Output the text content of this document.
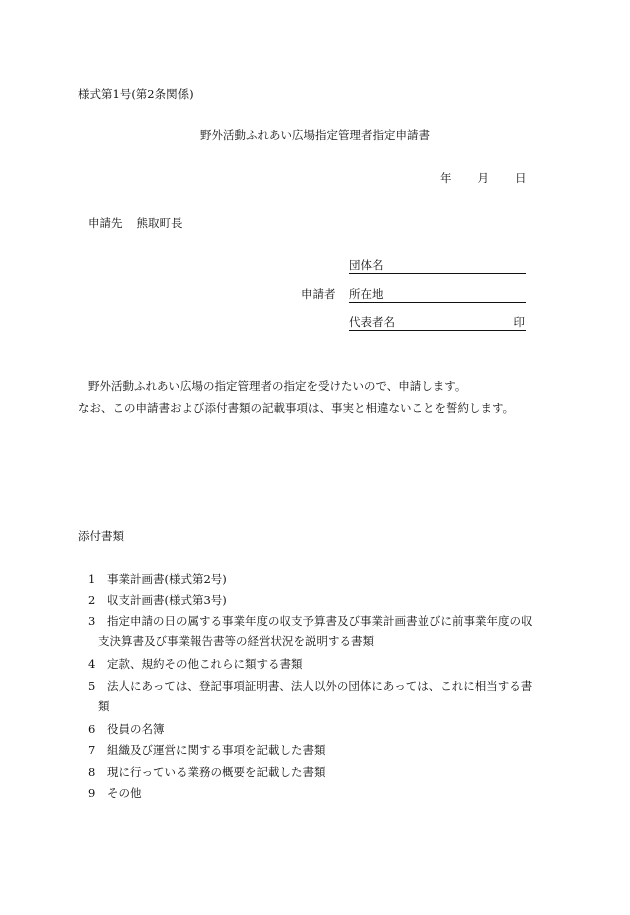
様式第1号(第2条関係)
野外活動ふれあい広場指定管理者指定申請書
年 月 日
申請先 熊取町長
申請者
団体名
所在地
代表者名	印
野外活動ふれあい広場の指定管理者の指定を受けたいので、申請します。
なお、この申請書および添付書類の記載事項は、事実と相違ないことを誓約します。
添付書類
1 事業計画書(様式第2号)
2 収支計画書(様式第3号)
3 指定申請の日の属する事業年度の収支予算書及び事業計画書並びに前事業年度の収
支決算書及び事業報告書等の経営状況を説明する書類
4 定款、規約その他これらに類する書類
5 法人にあっては、登記事項証明書、法人以外の団体にあっては、これに相当する書
類
6 役員の名簿
7 組織及び運営に関する事項を記載した書類
8 現に行っている業務の概要を記載した書類
9 その他
